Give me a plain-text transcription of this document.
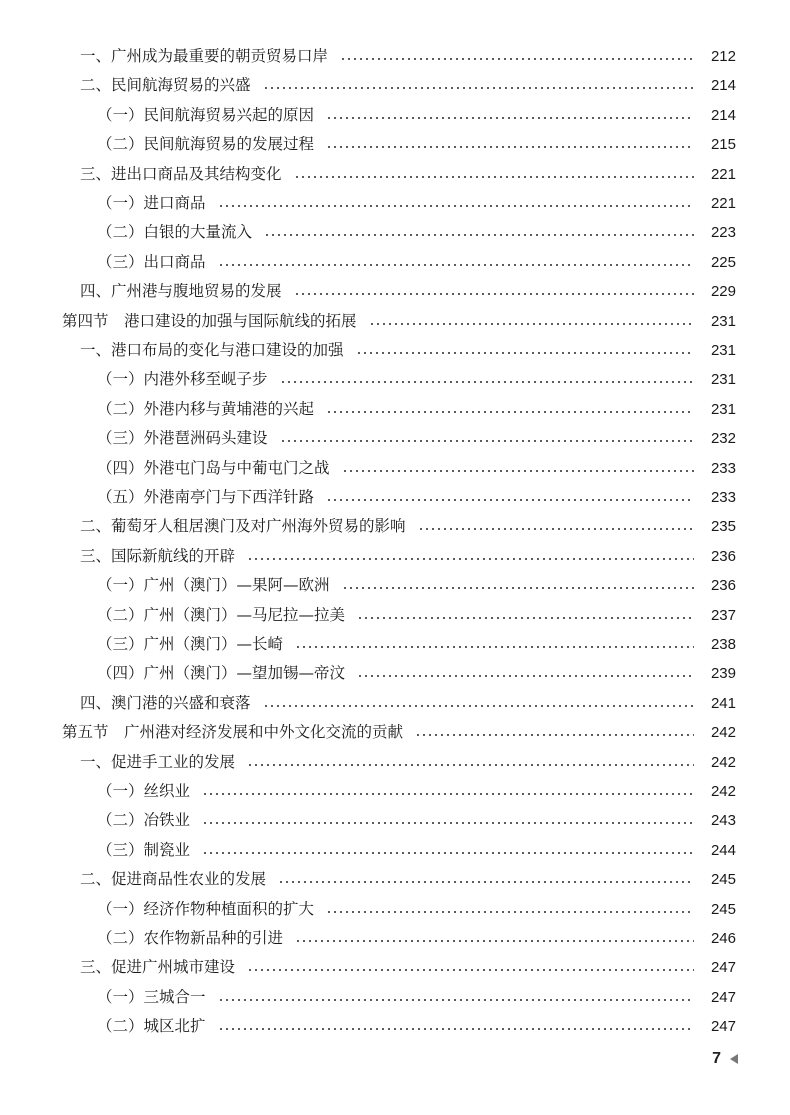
一、广州成为最重要的朝贡贸易口岸	212
二、民间航海贸易的兴盛	214
（一）民间航海贸易兴起的原因	214
（二）民间航海贸易的发展过程	215
三、进出口商品及其结构变化	221
（一）进口商品	221
（二）白银的大量流入	223
（三）出口商品	225
四、广州港与腹地贸易的发展	229
第四节　港口建设的加强与国际航线的拓展	231
一、港口布局的变化与港口建设的加强	231
（一）内港外移至岘子步	231
（二）外港内移与黄埔港的兴起	231
（三）外港琶洲码头建设	232
（四）外港屯门岛与中葡屯门之战	233
（五）外港南亭门与下西洋针路	233
二、葡萄牙人租居澳门及对广州海外贸易的影响	235
三、国际新航线的开辟	236
（一）广州（澳门）—果阿—欧洲	236
（二）广州（澳门）—马尼拉—拉美	237
（三）广州（澳门）—长崎	238
（四）广州（澳门）—望加锡—帝汶	239
四、澳门港的兴盛和衰落	241
第五节　广州港对经济发展和中外文化交流的贡献	242
一、促进手工业的发展	242
（一）丝织业	242
（二）冶铁业	243
（三）制瓷业	244
二、促进商品性农业的发展	245
（一）经济作物种植面积的扩大	245
（二）农作物新品种的引进	246
三、促进广州城市建设	247
（一）三城合一	247
（二）城区北扩	247
7
